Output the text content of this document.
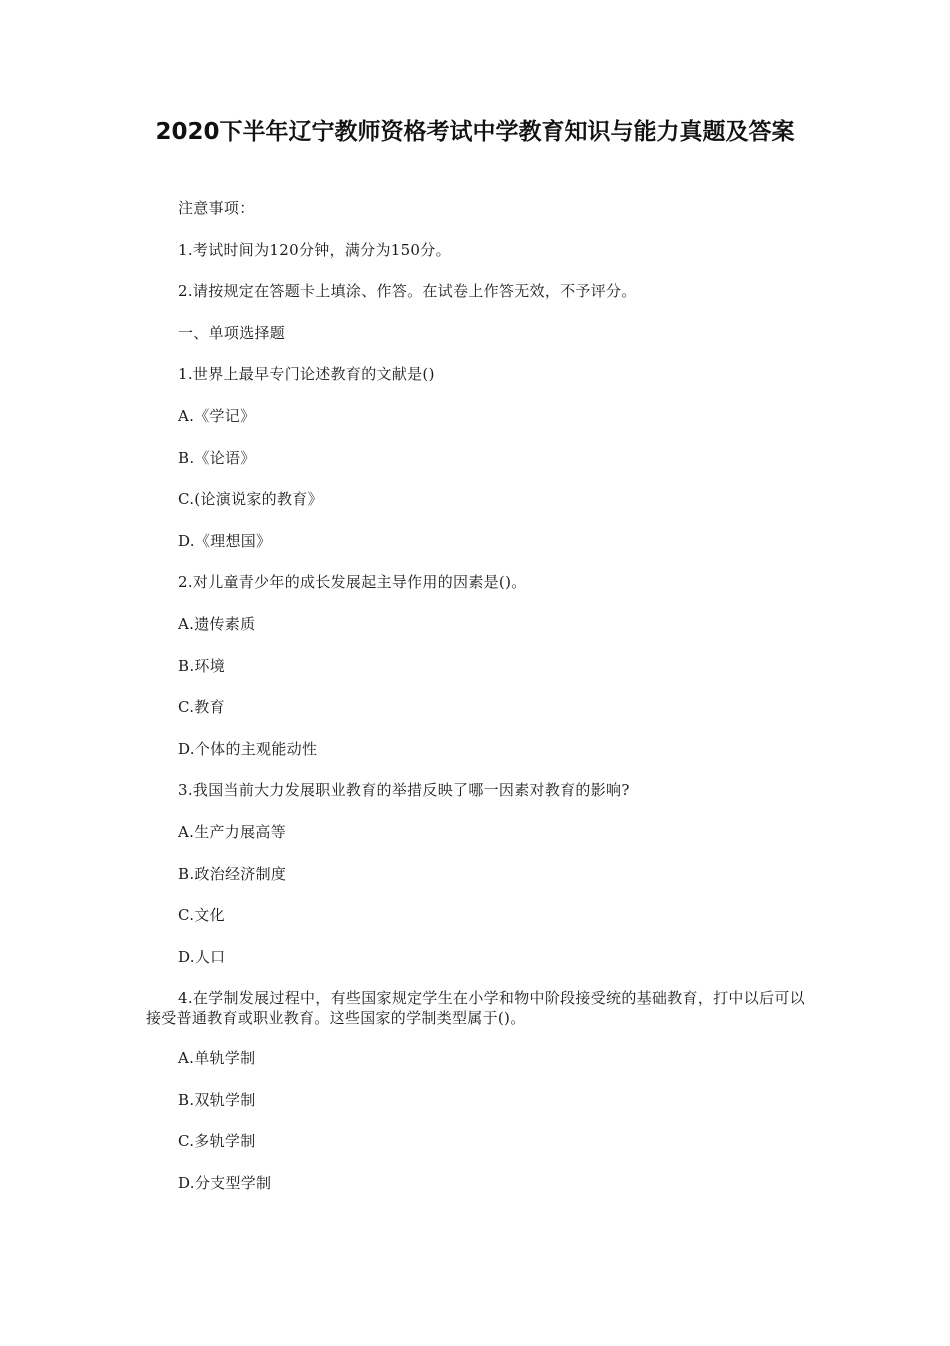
2020下半年辽宁教师资格考试中学教育知识与能力真题及答案

注意事项：

1.考试时间为120分钟，满分为150分。

2.请按规定在答题卡上填涂、作答。在试卷上作答无效，不予评分。

一、单项选择题

1.世界上最早专门论述教育的文献是()

A.《学记》

B.《论语》

C.(论演说家的教育》

D.《理想国》

2.对儿童青少年的成长发展起主导作用的因素是()。

A.遗传素质

B.环境

C.教育

D.个体的主观能动性

3.我国当前大力发展职业教育的举措反映了哪一因素对教育的影响?

A.生产力展高等

B.政治经济制度

C.文化

D.人口

4.在学制发展过程中，有些国家规定学生在小学和物中阶段接受统的基础教育，打中以后可以接受普通教育或职业教育。这些国家的学制类型属于()。

A.单轨学制

B.双轨学制

C.多轨学制

D.分支型学制
